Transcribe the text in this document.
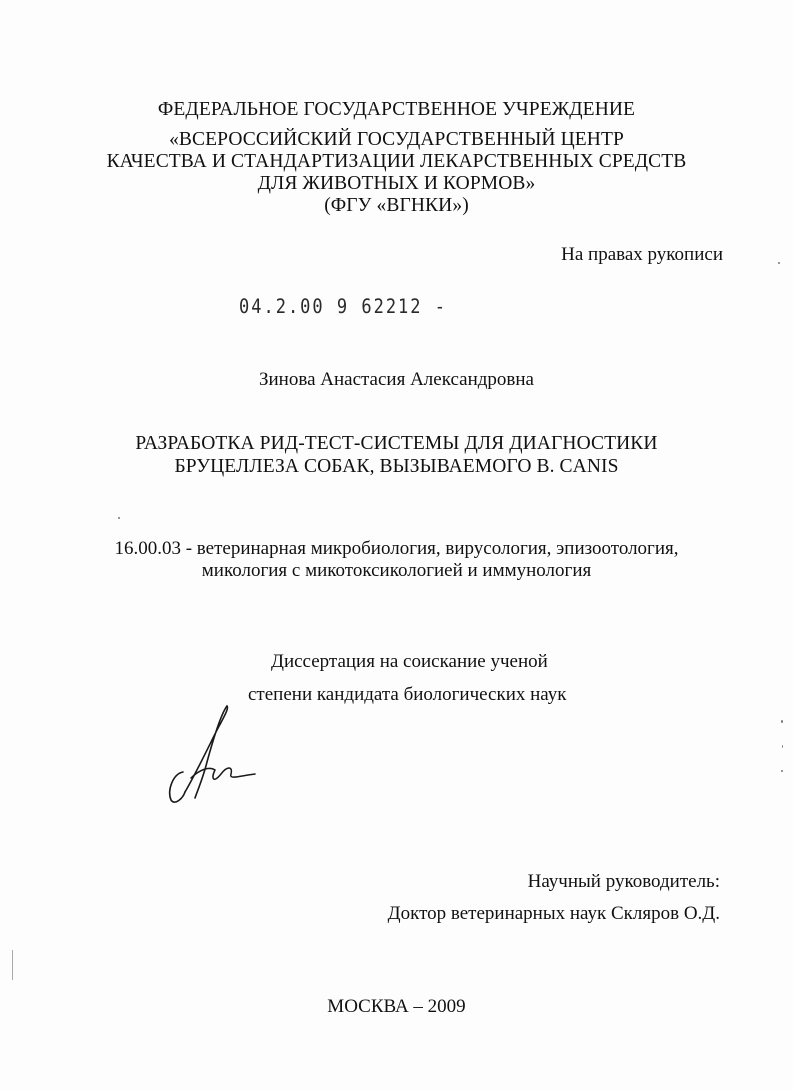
ФЕДЕРАЛЬНОЕ ГОСУДАРСТВЕННОЕ УЧРЕЖДЕНИЕ
«ВСЕРОССИЙСКИЙ ГОСУДАРСТВЕННЫЙ ЦЕНТР
КАЧЕСТВА И СТАНДАРТИЗАЦИИ ЛЕКАРСТВЕННЫХ СРЕДСТВ
ДЛЯ ЖИВОТНЫХ И КОРМОВ»
(ФГУ «ВГНКИ»)
На правах рукописи
04.2.00 9 62212 -
Зинова Анастасия Александровна
РАЗРАБОТКА РИД-ТЕСТ-СИСТЕМЫ ДЛЯ ДИАГНОСТИКИ
БРУЦЕЛЛЕЗА СОБАК, ВЫЗЫВАЕМОГО B. CANIS
16.00.03 - ветеринарная микробиология, вирусология, эпизоотология,
микология с микотоксикологией и иммунология
Диссертация на соискание ученой
степени кандидата биологических наук
Научный руководитель:
Доктор ветеринарных наук Скляров О.Д.
МОСКВА – 2009
